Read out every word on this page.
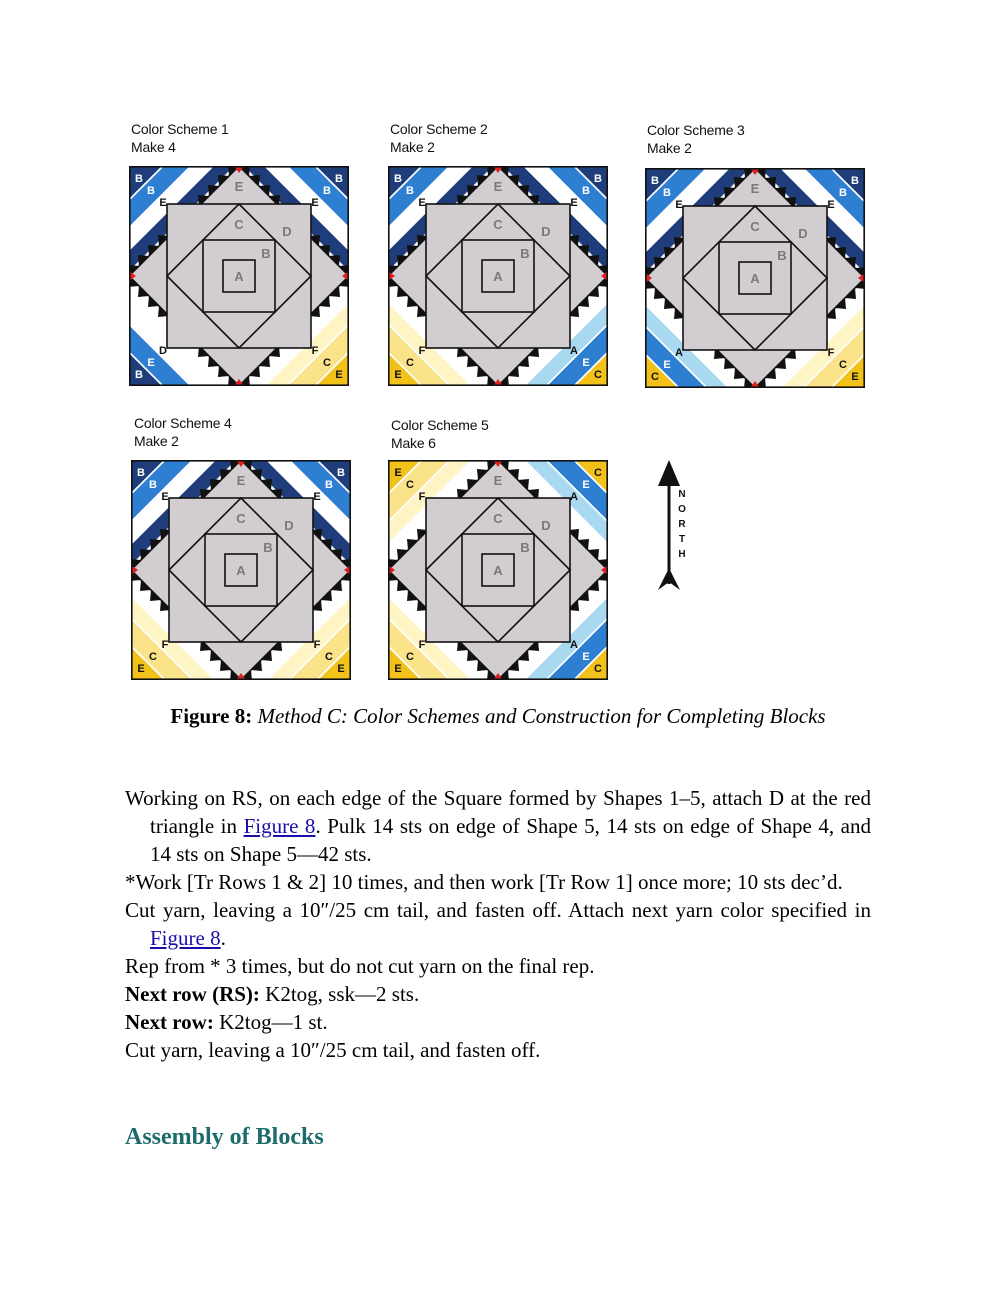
Color Scheme 1
Make 4
Color Scheme 2
Make 2
Color Scheme 3
Make 2
Color Scheme 4
Make 2
Color Scheme 5
Make 6
B
B
E
B
B
E
B
E
D
E
C
F
E
C	D
B
A
B
B
E
B
B
E
E
C
F
C
E
A
E
C	D
B
A
B
B
E
B
B
E
C
E
A
E
C
F
E
C	D
B
A
B
B
E
B
B
E
E
C
F
E
C
F
E
C	D
B
A
E
C
F
C
E
A
E
C
F
C
E
A
E
C	D
B
A
N
O
R
T
H
Figure 8: Method C: Color Schemes and Construction for Completing Blocks

Working on RS, on each edge of the Square formed by Shapes 1–5, attach D at the red triangle in Figure 8. Pulk 14 sts on edge of Shape 5, 14 sts on edge of Shape 4, and 14 sts on Shape 5—42 sts.

*Work [Tr Rows 1 & 2] 10 times, and then work [Tr Row 1] once more; 10 sts dec’d.

Cut yarn, leaving a 10″/25 cm tail, and fasten off. Attach next yarn color specified in Figure 8.

Rep from * 3 times, but do not cut yarn on the final rep.

Next row (RS): K2tog, ssk—2 sts.

Next row: K2tog—1 st.

Cut yarn, leaving a 10″/25 cm tail, and fasten off.

Assembly of Blocks
